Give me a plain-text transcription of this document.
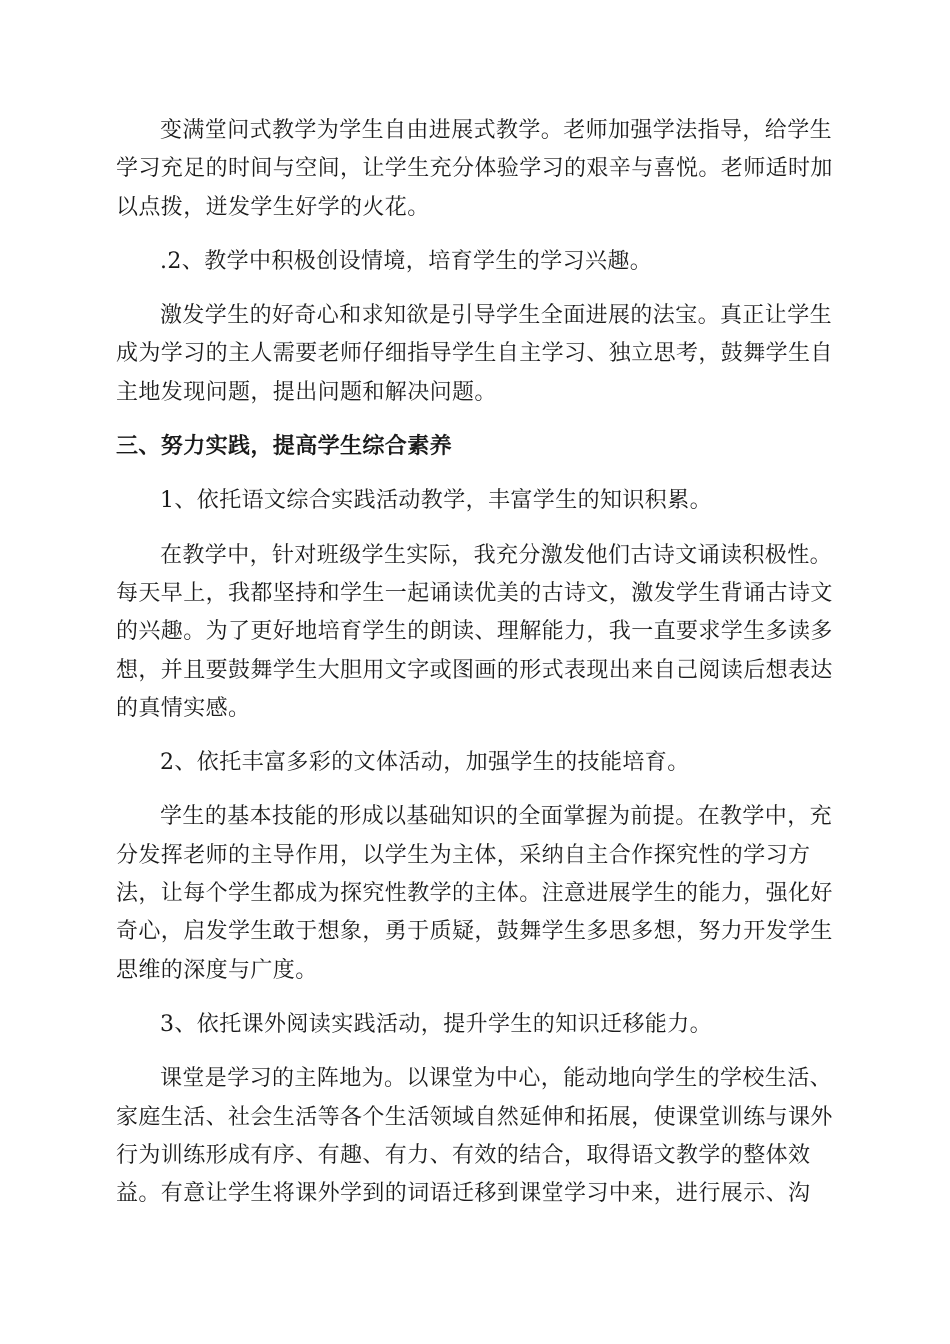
变满堂问式教学为学生自由进展式教学。老师加强学法指导，给学生
学习充足的时间与空间，让学生充分体验学习的艰辛与喜悦。老师适时加
以点拨，迸发学生好学的火花。

.2、教学中积极创设情境，培育学生的学习兴趣。

激发学生的好奇心和求知欲是引导学生全面进展的法宝。真正让学生
成为学习的主人需要老师仔细指导学生自主学习、独立思考，鼓舞学生自
主地发现问题，提出问题和解决问题。

三、努力实践，提高学生综合素养

1、依托语文综合实践活动教学，丰富学生的知识积累。

在教学中，针对班级学生实际，我充分激发他们古诗文诵读积极性。
每天早上，我都坚持和学生一起诵读优美的古诗文，激发学生背诵古诗文
的兴趣。为了更好地培育学生的朗读、理解能力，我一直要求学生多读多
想，并且要鼓舞学生大胆用文字或图画的形式表现出来自己阅读后想表达
的真情实感。

2、依托丰富多彩的文体活动，加强学生的技能培育。

学生的基本技能的形成以基础知识的全面掌握为前提。在教学中，充
分发挥老师的主导作用，以学生为主体，采纳自主合作探究性的学习方
法，让每个学生都成为探究性教学的主体。注意进展学生的能力，强化好
奇心，启发学生敢于想象，勇于质疑，鼓舞学生多思多想，努力开发学生
思维的深度与广度。

3、依托课外阅读实践活动，提升学生的知识迁移能力。

课堂是学习的主阵地为。以课堂为中心，能动地向学生的学校生活、
家庭生活、社会生活等各个生活领域自然延伸和拓展，使课堂训练与课外
行为训练形成有序、有趣、有力、有效的结合，取得语文教学的整体效
益。有意让学生将课外学到的词语迁移到课堂学习中来，进行展示、沟
